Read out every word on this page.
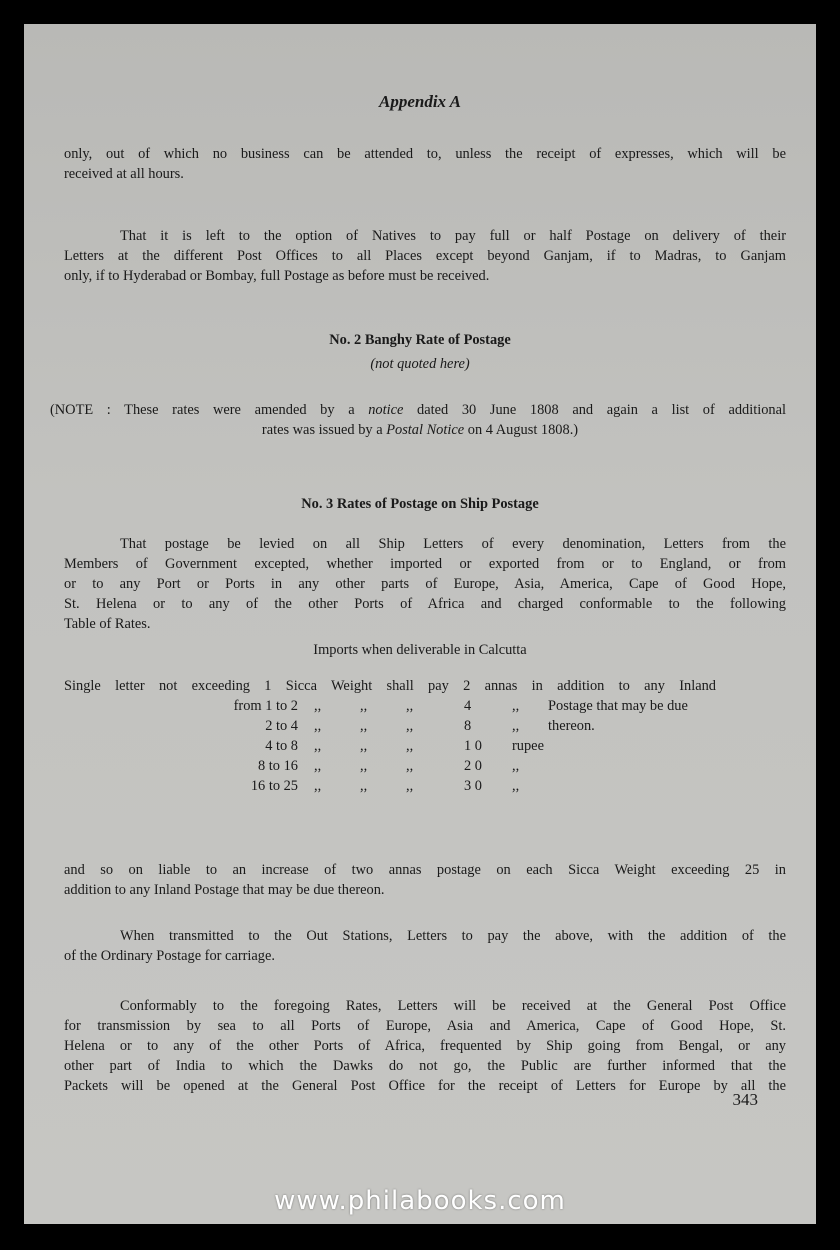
Appendix A

only, out of which no business can be attended to, unless the receipt of expresses, which will be

received at all hours.

That it is left to the option of Natives to pay full or half Postage on delivery of their

Letters at the different Post Offices to all Places except beyond Ganjam, if to Madras, to Ganjam

only, if to Hyderabad or Bombay, full Postage as before must be received.

No. 2 Banghy Rate of Postage

(not quoted here)

(NOTE : These rates were amended by a notice dated 30 June 1808 and again a list of additional

rates was issued by a Postal Notice on 4 August 1808.)

No. 3 Rates of Postage on Ship Postage

That postage be levied on all Ship Letters of every denomination, Letters from the

Members of Government excepted, whether imported or exported from or to England, or from

or to any Port or Ports in any other parts of Europe, Asia, America, Cape of Good Hope,

St. Helena or to any of the other Ports of Africa and charged conformable to the following

Table of Rates.

Imports when deliverable in Calcutta

Single letter not exceeding 1 Sicca Weight shall pay 2 annas in addition to any Inland
from 1 to 2 ,,	,,	,,	4	,, Postage that may be due
2 to 4 ,,	,,	,,	8	,, thereon.
4 to 8 ,,	,,	,,	1 0 rupee
8 to 16 ,,	,,	,,	2 0 ,,
16 to 25 ,,	,,	,,	3 0 ,,

and so on liable to an increase of two annas postage on each Sicca Weight exceeding 25 in

addition to any Inland Postage that may be due thereon.

When transmitted to the Out Stations, Letters to pay the above, with the addition of the

of the Ordinary Postage for carriage.

Conformably to the foregoing Rates, Letters will be received at the General Post Office

for transmission by sea to all Ports of Europe, Asia and America, Cape of Good Hope, St.

Helena or to any of the other Ports of Africa, frequented by Ship going from Bengal, or any

other part of India to which the Dawks do not go, the Public are further informed that the

Packets will be opened at the General Post Office for the receipt of Letters for Europe by all the

343
www.philabooks.com
